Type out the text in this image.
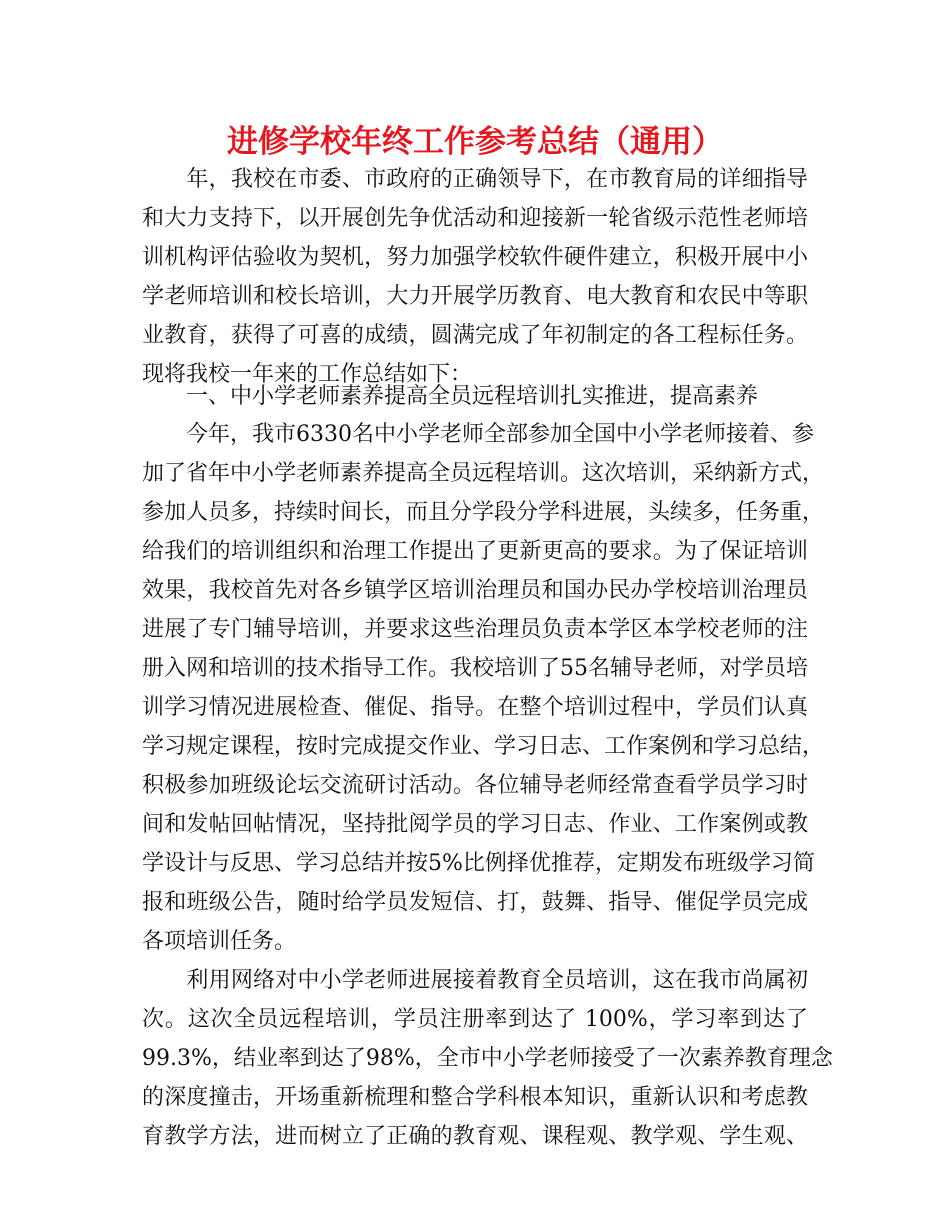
进修学校年终工作参考总结（通用）
　　年，我校在市委、市政府的正确领导下，在市教育局的详细指导
和大力支持下，以开展创先争优活动和迎接新一轮省级示范性老师培
训机构评估验收为契机，努力加强学校软件硬件建立，积极开展中小
学老师培训和校长培训，大力开展学历教育、电大教育和农民中等职
业教育，获得了可喜的成绩，圆满完成了年初制定的各工程标任务。
现将我校一年来的工作总结如下：
　　一、中小学老师素养提高全员远程培训扎实推进，提高素养
　　今年，我市6330名中小学老师全部参加全国中小学老师接着、参
加了省年中小学老师素养提高全员远程培训。这次培训，采纳新方式，
参加人员多，持续时间长，而且分学段分学科进展，头续多，任务重，
给我们的培训组织和治理工作提出了更新更高的要求。为了保证培训
效果，我校首先对各乡镇学区培训治理员和国办民办学校培训治理员
进展了专门辅导培训，并要求这些治理员负责本学区本学校老师的注
册入网和培训的技术指导工作。我校培训了55名辅导老师，对学员培
训学习情况进展检查、催促、指导。在整个培训过程中，学员们认真
学习规定课程，按时完成提交作业、学习日志、工作案例和学习总结，
积极参加班级论坛交流研讨活动。各位辅导老师经常查看学员学习时
间和发帖回帖情况，坚持批阅学员的学习日志、作业、工作案例或教
学设计与反思、学习总结并按5%比例择优推荐，定期发布班级学习简
报和班级公告，随时给学员发短信、打，鼓舞、指导、催促学员完成
各项培训任务。
　　利用网络对中小学老师进展接着教育全员培训，这在我市尚属初
次。这次全员远程培训，学员注册率到达了 100%，学习率到达了
99.3%，结业率到达了98%，全市中小学老师接受了一次素养教育理念
的深度撞击，开场重新梳理和整合学科根本知识，重新认识和考虑教
育教学方法，进而树立了正确的教育观、课程观、教学观、学生观、
